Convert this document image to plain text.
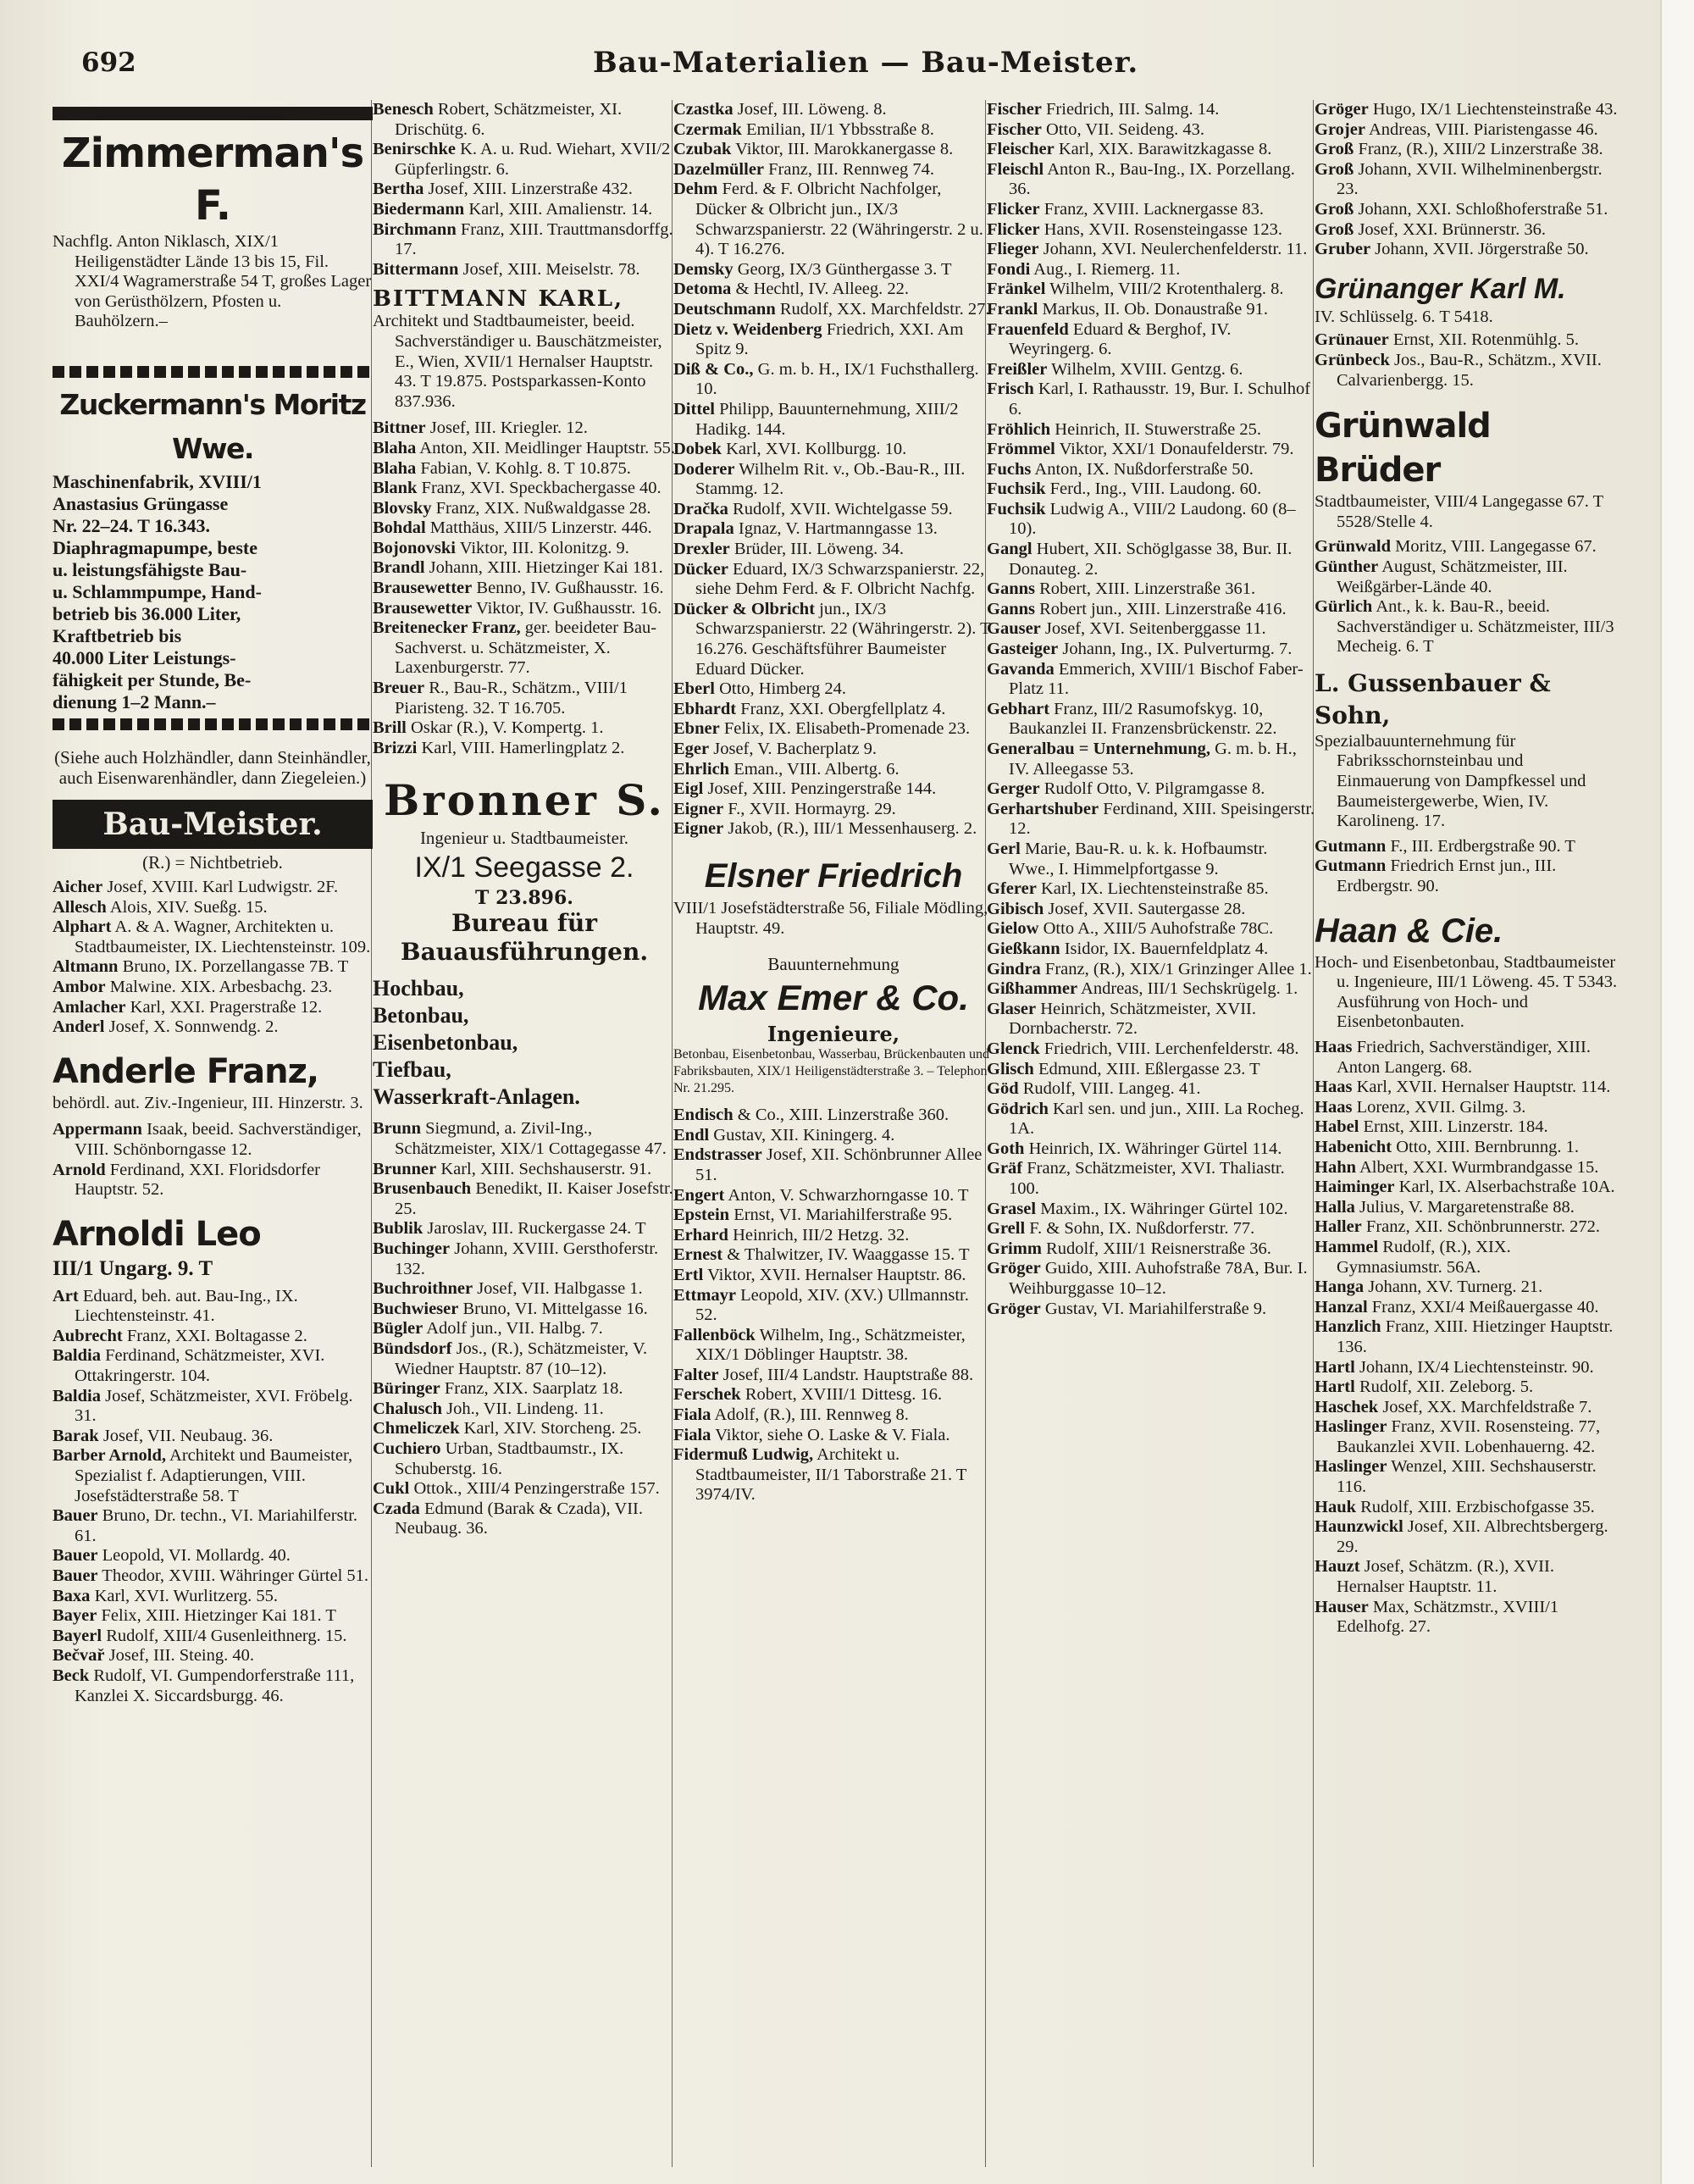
692	Bau-Materialien — Bau-Meister.
Zimmerman's F.

Nachflg. Anton Niklasch, XIX/1 Heiligenstädter Lände 13 bis 15, Fil. XXI/4 Wagramerstraße 54 T, großes Lager von Gerüsthölzern, Pfosten u. Bauhölzern.–

Zuckermann's Moritz Wwe.
Maschinenfabrik, XVIII/1
Anastasius Grüngasse
Nr. 22–24. T 16.343.
Diaphragmapumpe, beste
u. leistungsfähigste Bau-
u. Schlammpumpe, Hand-
betrieb bis 36.000 Liter,
Kraftbetrieb bis
40.000 Liter Leistungs-
fähigkeit per Stunde, Be-
dienung 1–2 Mann.–

(Siehe auch Holzhändler, dann Steinhändler, auch Eisenwarenhändler, dann Ziegeleien.)

Bau-Meister.

(R.) = Nichtbetrieb.

Aicher Josef, XVIII. Karl Ludwigstr. 2F.

Allesch Alois, XIV. Sueßg. 15.

Alphart A. & A. Wagner, Architekten u. Stadtbaumeister, IX. Liechtensteinstr. 109.

Altmann Bruno, IX. Porzellangasse 7B. T

Ambor Malwine. XIX. Arbesbachg. 23.

Amlacher Karl, XXI. Pragerstraße 12.

Anderl Josef, X. Sonnwendg. 2.

Anderle Franz,

behördl. aut. Ziv.-Ingenieur, III. Hinzerstr. 3.

Appermann Isaak, beeid. Sachverständiger, VIII. Schönborngasse 12.

Arnold Ferdinand, XXI. Floridsdorfer Hauptstr. 52.

Arnoldi Leo

III/1 Ungarg. 9. T

Art Eduard, beh. aut. Bau-Ing., IX. Liechtensteinstr. 41.

Aubrecht Franz, XXI. Boltagasse 2.

Baldia Ferdinand, Schätzmeister, XVI. Ottakringerstr. 104.

Baldia Josef, Schätzmeister, XVI. Fröbelg. 31.

Barak Josef, VII. Neubaug. 36.

Barber Arnold, Architekt und Baumeister, Spezialist f. Adaptierungen, VIII. Josefstädterstraße 58. T

Bauer Bruno, Dr. techn., VI. Mariahilferstr. 61.

Bauer Leopold, VI. Mollardg. 40.

Bauer Theodor, XVIII. Währinger Gürtel 51.

Baxa Karl, XVI. Wurlitzerg. 55.

Bayer Felix, XIII. Hietzinger Kai 181. T

Bayerl Rudolf, XIII/4 Gusenleithnerg. 15.

Bečvař Josef, III. Steing. 40.

Beck Rudolf, VI. Gumpendorferstraße 111, Kanzlei X. Siccardsburgg. 46.

Benesch Robert, Schätzmeister, XI. Drischütg. 6.

Benirschke K. A. u. Rud. Wiehart, XVII/2 Güpferlingstr. 6.

Bertha Josef, XIII. Linzerstraße 432.

Biedermann Karl, XIII. Amalienstr. 14.

Birchmann Franz, XIII. Trauttmansdorffg. 17.

Bittermann Josef, XIII. Meiselstr. 78.

BITTMANN KARL,

Architekt und Stadtbaumeister, beeid. Sachverständiger u. Bauschätzmeister, E., Wien, XVII/1 Hernalser Hauptstr. 43. T 19.875. Postsparkassen-Konto 837.936.

Bittner Josef, III. Kriegler. 12.

Blaha Anton, XII. Meidlinger Hauptstr. 55.

Blaha Fabian, V. Kohlg. 8. T 10.875.

Blank Franz, XVI. Speckbachergasse 40.

Blovsky Franz, XIX. Nußwaldgasse 28.

Bohdal Matthäus, XIII/5 Linzerstr. 446.

Bojonovski Viktor, III. Kolonitzg. 9.

Brandl Johann, XIII. Hietzinger Kai 181.

Brausewetter Benno, IV. Gußhausstr. 16.

Brausewetter Viktor, IV. Gußhausstr. 16.

Breitenecker Franz, ger. beeideter Bau-Sachverst. u. Schätzmeister, X. Laxenburgerstr. 77.

Breuer R., Bau-R., Schätzm., VIII/1 Piaristeng. 32. T 16.705.

Brill Oskar (R.), V. Kompertg. 1.

Brizzi Karl, VIII. Hamerlingplatz 2.

Bronner S.

Ingenieur u. Stadtbaumeister.

IX/1 Seegasse 2.
T 23.896.
Bureau für
Bauausführungen.
Hochbau,
Betonbau,
Eisenbetonbau,
Tiefbau,
Wasserkraft-Anlagen.

Brunn Siegmund, a. Zivil-Ing., Schätzmeister, XIX/1 Cottagegasse 47.

Brunner Karl, XIII. Sechshauserstr. 91.

Brusenbauch Benedikt, II. Kaiser Josefstr. 25.

Bublik Jaroslav, III. Ruckergasse 24. T

Buchinger Johann, XVIII. Gersthoferstr. 132.

Buchroithner Josef, VII. Halbgasse 1.

Buchwieser Bruno, VI. Mittelgasse 16.

Bügler Adolf jun., VII. Halbg. 7.

Bündsdorf Jos., (R.), Schätzmeister, V. Wiedner Hauptstr. 87 (10–12).

Büringer Franz, XIX. Saarplatz 18.

Chalusch Joh., VII. Lindeng. 11.

Chmeliczek Karl, XIV. Storcheng. 25.

Cuchiero Urban, Stadtbaumstr., IX. Schuberstg. 16.

Cukl Ottok., XIII/4 Penzingerstraße 157.

Czada Edmund (Barak & Czada), VII. Neubaug. 36.

Czastka Josef, III. Löweng. 8.

Czermak Emilian, II/1 Ybbsstraße 8.

Czubak Viktor, III. Marokkanergasse 8.

Dazelmüller Franz, III. Rennweg 74.

Dehm Ferd. & F. Olbricht Nachfolger, Dücker & Olbricht jun., IX/3 Schwarzspanierstr. 22 (Währingerstr. 2 u. 4). T 16.276.

Demsky Georg, IX/3 Günthergasse 3. T

Detoma & Hechtl, IV. Alleeg. 22.

Deutschmann Rudolf, XX. Marchfeldstr. 27.

Dietz v. Weidenberg Friedrich, XXI. Am Spitz 9.

Diß & Co., G. m. b. H., IX/1 Fuchsthallerg. 10.

Dittel Philipp, Bauunternehmung, XIII/2 Hadikg. 144.

Dobek Karl, XVI. Kollburgg. 10.

Doderer Wilhelm Rit. v., Ob.-Bau-R., III. Stammg. 12.

Dračka Rudolf, XVII. Wichtelgasse 59.

Drapala Ignaz, V. Hartmanngasse 13.

Drexler Brüder, III. Löweng. 34.

Dücker Eduard, IX/3 Schwarzspanierstr. 22, siehe Dehm Ferd. & F. Olbricht Nachfg.

Dücker & Olbricht jun., IX/3 Schwarzspanierstr. 22 (Währingerstr. 2). T 16.276. Geschäftsführer Baumeister Eduard Dücker.

Eberl Otto, Himberg 24.

Ebhardt Franz, XXI. Obergfellplatz 4.

Ebner Felix, IX. Elisabeth-Promenade 23.

Eger Josef, V. Bacherplatz 9.

Ehrlich Eman., VIII. Albertg. 6.

Eigl Josef, XIII. Penzingerstraße 144.

Eigner F., XVII. Hormayrg. 29.

Eigner Jakob, (R.), III/1 Messenhauserg. 2.

Elsner Friedrich

VIII/1 Josefstädterstraße 56, Filiale Mödling, Hauptstr. 49.

Bauunternehmung

Max Emer & Co.
Ingenieure,

Betonbau, Eisenbetonbau, Wasserbau, Brückenbauten und Fabriksbauten, XIX/1 Heiligenstädterstraße 3. – Telephon Nr. 21.295.

Endisch & Co., XIII. Linzerstraße 360.

Endl Gustav, XII. Kiningerg. 4.

Endstrasser Josef, XII. Schönbrunner Allee 51.

Engert Anton, V. Schwarzhorngasse 10. T

Epstein Ernst, VI. Mariahilferstraße 95.

Erhard Heinrich, III/2 Hetzg. 32.

Ernest & Thalwitzer, IV. Waaggasse 15. T

Ertl Viktor, XVII. Hernalser Hauptstr. 86.

Ettmayr Leopold, XIV. (XV.) Ullmannstr. 52.

Fallenböck Wilhelm, Ing., Schätzmeister, XIX/1 Döblinger Hauptstr. 38.

Falter Josef, III/4 Landstr. Hauptstraße 88.

Ferschek Robert, XVIII/1 Dittesg. 16.

Fiala Adolf, (R.), III. Rennweg 8.

Fiala Viktor, siehe O. Laske & V. Fiala.

Fidermuß Ludwig, Architekt u. Stadtbaumeister, II/1 Taborstraße 21. T 3974/IV.

Fischer Friedrich, III. Salmg. 14.

Fischer Otto, VII. Seideng. 43.

Fleischer Karl, XIX. Barawitzkagasse 8.

Fleischl Anton R., Bau-Ing., IX. Porzellang. 36.

Flicker Franz, XVIII. Lacknergasse 83.

Flicker Hans, XVII. Rosensteingasse 123.

Flieger Johann, XVI. Neulerchenfelderstr. 11.

Fondi Aug., I. Riemerg. 11.

Fränkel Wilhelm, VIII/2 Krotenthalerg. 8.

Frankl Markus, II. Ob. Donaustraße 91.

Frauenfeld Eduard & Berghof, IV. Weyringerg. 6.

Freißler Wilhelm, XVIII. Gentzg. 6.

Frisch Karl, I. Rathausstr. 19, Bur. I. Schulhof 6.

Fröhlich Heinrich, II. Stuwerstraße 25.

Frömmel Viktor, XXI/1 Donaufelderstr. 79.

Fuchs Anton, IX. Nußdorferstraße 50.

Fuchsik Ferd., Ing., VIII. Laudong. 60.

Fuchsik Ludwig A., VIII/2 Laudong. 60 (8–10).

Gangl Hubert, XII. Schöglgasse 38, Bur. II. Donauteg. 2.

Ganns Robert, XIII. Linzerstraße 361.

Ganns Robert jun., XIII. Linzerstraße 416.

Gauser Josef, XVI. Seitenberggasse 11.

Gasteiger Johann, Ing., IX. Pulverturmg. 7.

Gavanda Emmerich, XVIII/1 Bischof Faber-Platz 11.

Gebhart Franz, III/2 Rasumofskyg. 10, Baukanzlei II. Franzensbrückenstr. 22.

Generalbau = Unternehmung, G. m. b. H., IV. Alleegasse 53.

Gerger Rudolf Otto, V. Pilgramgasse 8.

Gerhartshuber Ferdinand, XIII. Speisingerstr. 12.

Gerl Marie, Bau-R. u. k. k. Hofbaumstr. Wwe., I. Himmelpfortgasse 9.

Gferer Karl, IX. Liechtensteinstraße 85.

Gibisch Josef, XVII. Sautergasse 28.

Gielow Otto A., XIII/5 Auhofstraße 78C.

Gießkann Isidor, IX. Bauernfeldplatz 4.

Gindra Franz, (R.), XIX/1 Grinzinger Allee 1.

Gißhammer Andreas, III/1 Sechskrügelg. 1.

Glaser Heinrich, Schätzmeister, XVII. Dornbacherstr. 72.

Glenck Friedrich, VIII. Lerchenfelderstr. 48.

Glisch Edmund, XIII. Eßlergasse 23. T

Göd Rudolf, VIII. Langeg. 41.

Gödrich Karl sen. und jun., XIII. La Rocheg. 1A.

Goth Heinrich, IX. Währinger Gürtel 114.

Gräf Franz, Schätzmeister, XVI. Thaliastr. 100.

Grasel Maxim., IX. Währinger Gürtel 102.

Grell F. & Sohn, IX. Nußdorferstr. 77.

Grimm Rudolf, XIII/1 Reisnerstraße 36.

Gröger Guido, XIII. Auhofstraße 78A, Bur. I. Weihburggasse 10–12.

Gröger Gustav, VI. Mariahilferstraße 9.

Gröger Hugo, IX/1 Liechtensteinstraße 43.

Grojer Andreas, VIII. Piaristengasse 46.

Groß Franz, (R.), XIII/2 Linzerstraße 38.

Groß Johann, XVII. Wilhelminenbergstr. 23.

Groß Johann, XXI. Schloßhoferstraße 51.

Groß Josef, XXI. Brünnerstr. 36.

Gruber Johann, XVII. Jörgerstraße 50.

Grünanger Karl M.

IV. Schlüsselg. 6. T 5418.

Grünauer Ernst, XII. Rotenmühlg. 5.

Grünbeck Jos., Bau-R., Schätzm., XVII. Calvarienbergg. 15.

Grünwald Brüder

Stadtbaumeister, VIII/4 Langegasse 67. T 5528/Stelle 4.

Grünwald Moritz, VIII. Langegasse 67.

Günther August, Schätzmeister, III. Weißgärber-Lände 40.

Gürlich Ant., k. k. Bau-R., beeid. Sachverständiger u. Schätzmeister, III/3 Mecheig. 6. T

L. Gussenbauer & Sohn,

Spezialbauunternehmung für Fabriksschornsteinbau und Einmauerung von Dampfkessel und Baumeistergewerbe, Wien, IV. Karolineng. 17.

Gutmann F., III. Erdbergstraße 90. T

Gutmann Friedrich Ernst jun., III. Erdbergstr. 90.

Haan & Cie.

Hoch- und Eisenbetonbau, Stadtbaumeister u. Ingenieure, III/1 Löweng. 45. T 5343. Ausführung von Hoch- und Eisenbetonbauten.

Haas Friedrich, Sachverständiger, XIII. Anton Langerg. 68.

Haas Karl, XVII. Hernalser Hauptstr. 114.

Haas Lorenz, XVII. Gilmg. 3.

Habel Ernst, XIII. Linzerstr. 184.

Habenicht Otto, XIII. Bernbrunng. 1.

Hahn Albert, XXI. Wurmbrandgasse 15.

Haiminger Karl, IX. Alserbachstraße 10A.

Halla Julius, V. Margaretenstraße 88.

Haller Franz, XII. Schönbrunnerstr. 272.

Hammel Rudolf, (R.), XIX. Gymnasiumstr. 56A.

Hanga Johann, XV. Turnerg. 21.

Hanzal Franz, XXI/4 Meißauergasse 40.

Hanzlich Franz, XIII. Hietzinger Hauptstr. 136.

Hartl Johann, IX/4 Liechtensteinstr. 90.

Hartl Rudolf, XII. Zeleborg. 5.

Haschek Josef, XX. Marchfeldstraße 7.

Haslinger Franz, XVII. Rosensteing. 77, Baukanzlei XVII. Lobenhauerng. 42.

Haslinger Wenzel, XIII. Sechshauserstr. 116.

Hauk Rudolf, XIII. Erzbischofgasse 35.

Haunzwickl Josef, XII. Albrechtsbergerg. 29.

Hauzt Josef, Schätzm. (R.), XVII. Hernalser Hauptstr. 11.

Hauser Max, Schätzmstr., XVIII/1 Edelhofg. 27.
